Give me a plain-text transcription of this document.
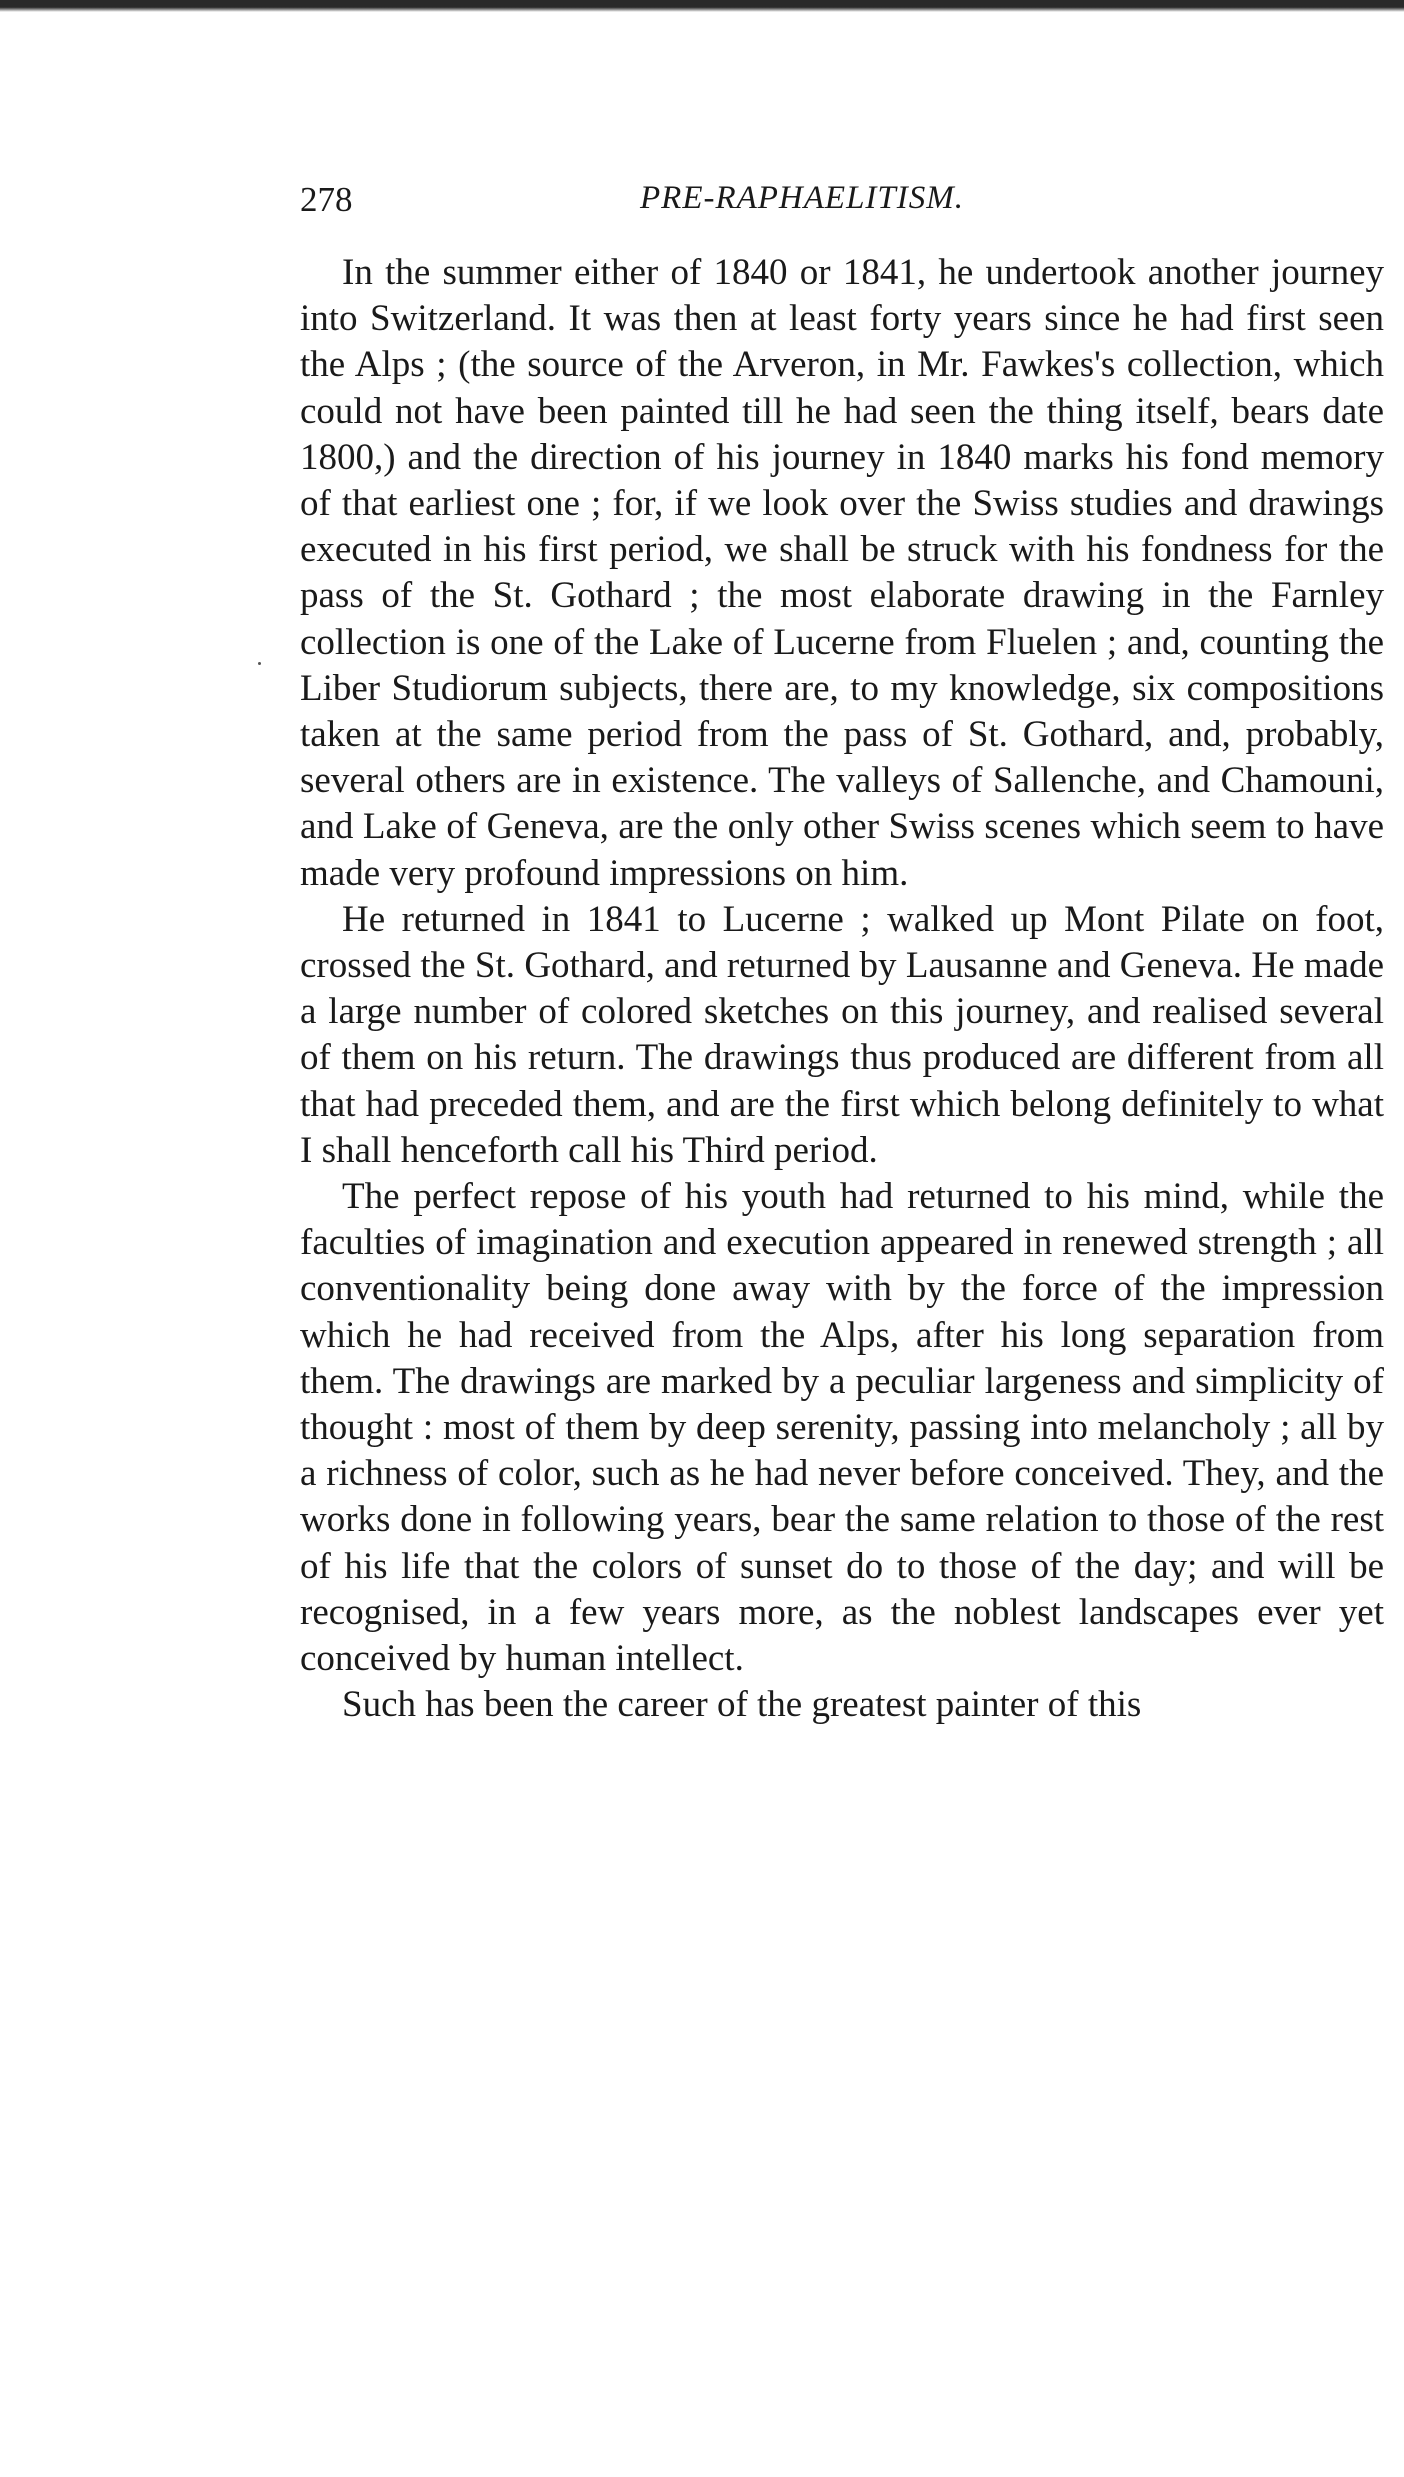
278	PRE-RAPHAELITISM.

In the summer either of 1840 or 1841, he undertook another journey into Switzerland. It was then at least forty years since he had first seen the Alps ; (the source of the Arveron, in Mr. Fawkes's collection, which could not have been painted till he had seen the thing itself, bears date 1800,) and the direction of his journey in 1840 marks his fond memory of that earliest one ; for, if we look over the Swiss studies and drawings executed in his first period, we shall be struck with his fondness for the pass of the St. Gothard ; the most elaborate drawing in the Farnley collection is one of the Lake of Lucerne from Fluelen ; and, counting the Liber Studiorum subjects, there are, to my knowledge, six compositions taken at the same period from the pass of St. Gothard, and, probably, several others are in existence. The valleys of Sallenche, and Chamouni, and Lake of Geneva, are the only other Swiss scenes which seem to have made very profound impressions on him.

He returned in 1841 to Lucerne ; walked up Mont Pilate on foot, crossed the St. Gothard, and returned by Lausanne and Geneva. He made a large number of colored sketches on this journey, and realised several of them on his return. The drawings thus produced are different from all that had preceded them, and are the first which belong definitely to what I shall henceforth call his Third period.

The perfect repose of his youth had returned to his mind, while the faculties of imagination and execution appeared in renewed strength ; all conventionality being done away with by the force of the impression which he had received from the Alps, after his long separation from them. The drawings are marked by a peculiar largeness and simplicity of thought : most of them by deep serenity, passing into melancholy ; all by a richness of color, such as he had never before conceived. They, and the works done in following years, bear the same relation to those of the rest of his life that the colors of sunset do to those of the day; and will be recognised, in a few years more, as the noblest landscapes ever yet conceived by human intellect.

Such has been the career of the greatest painter of this
